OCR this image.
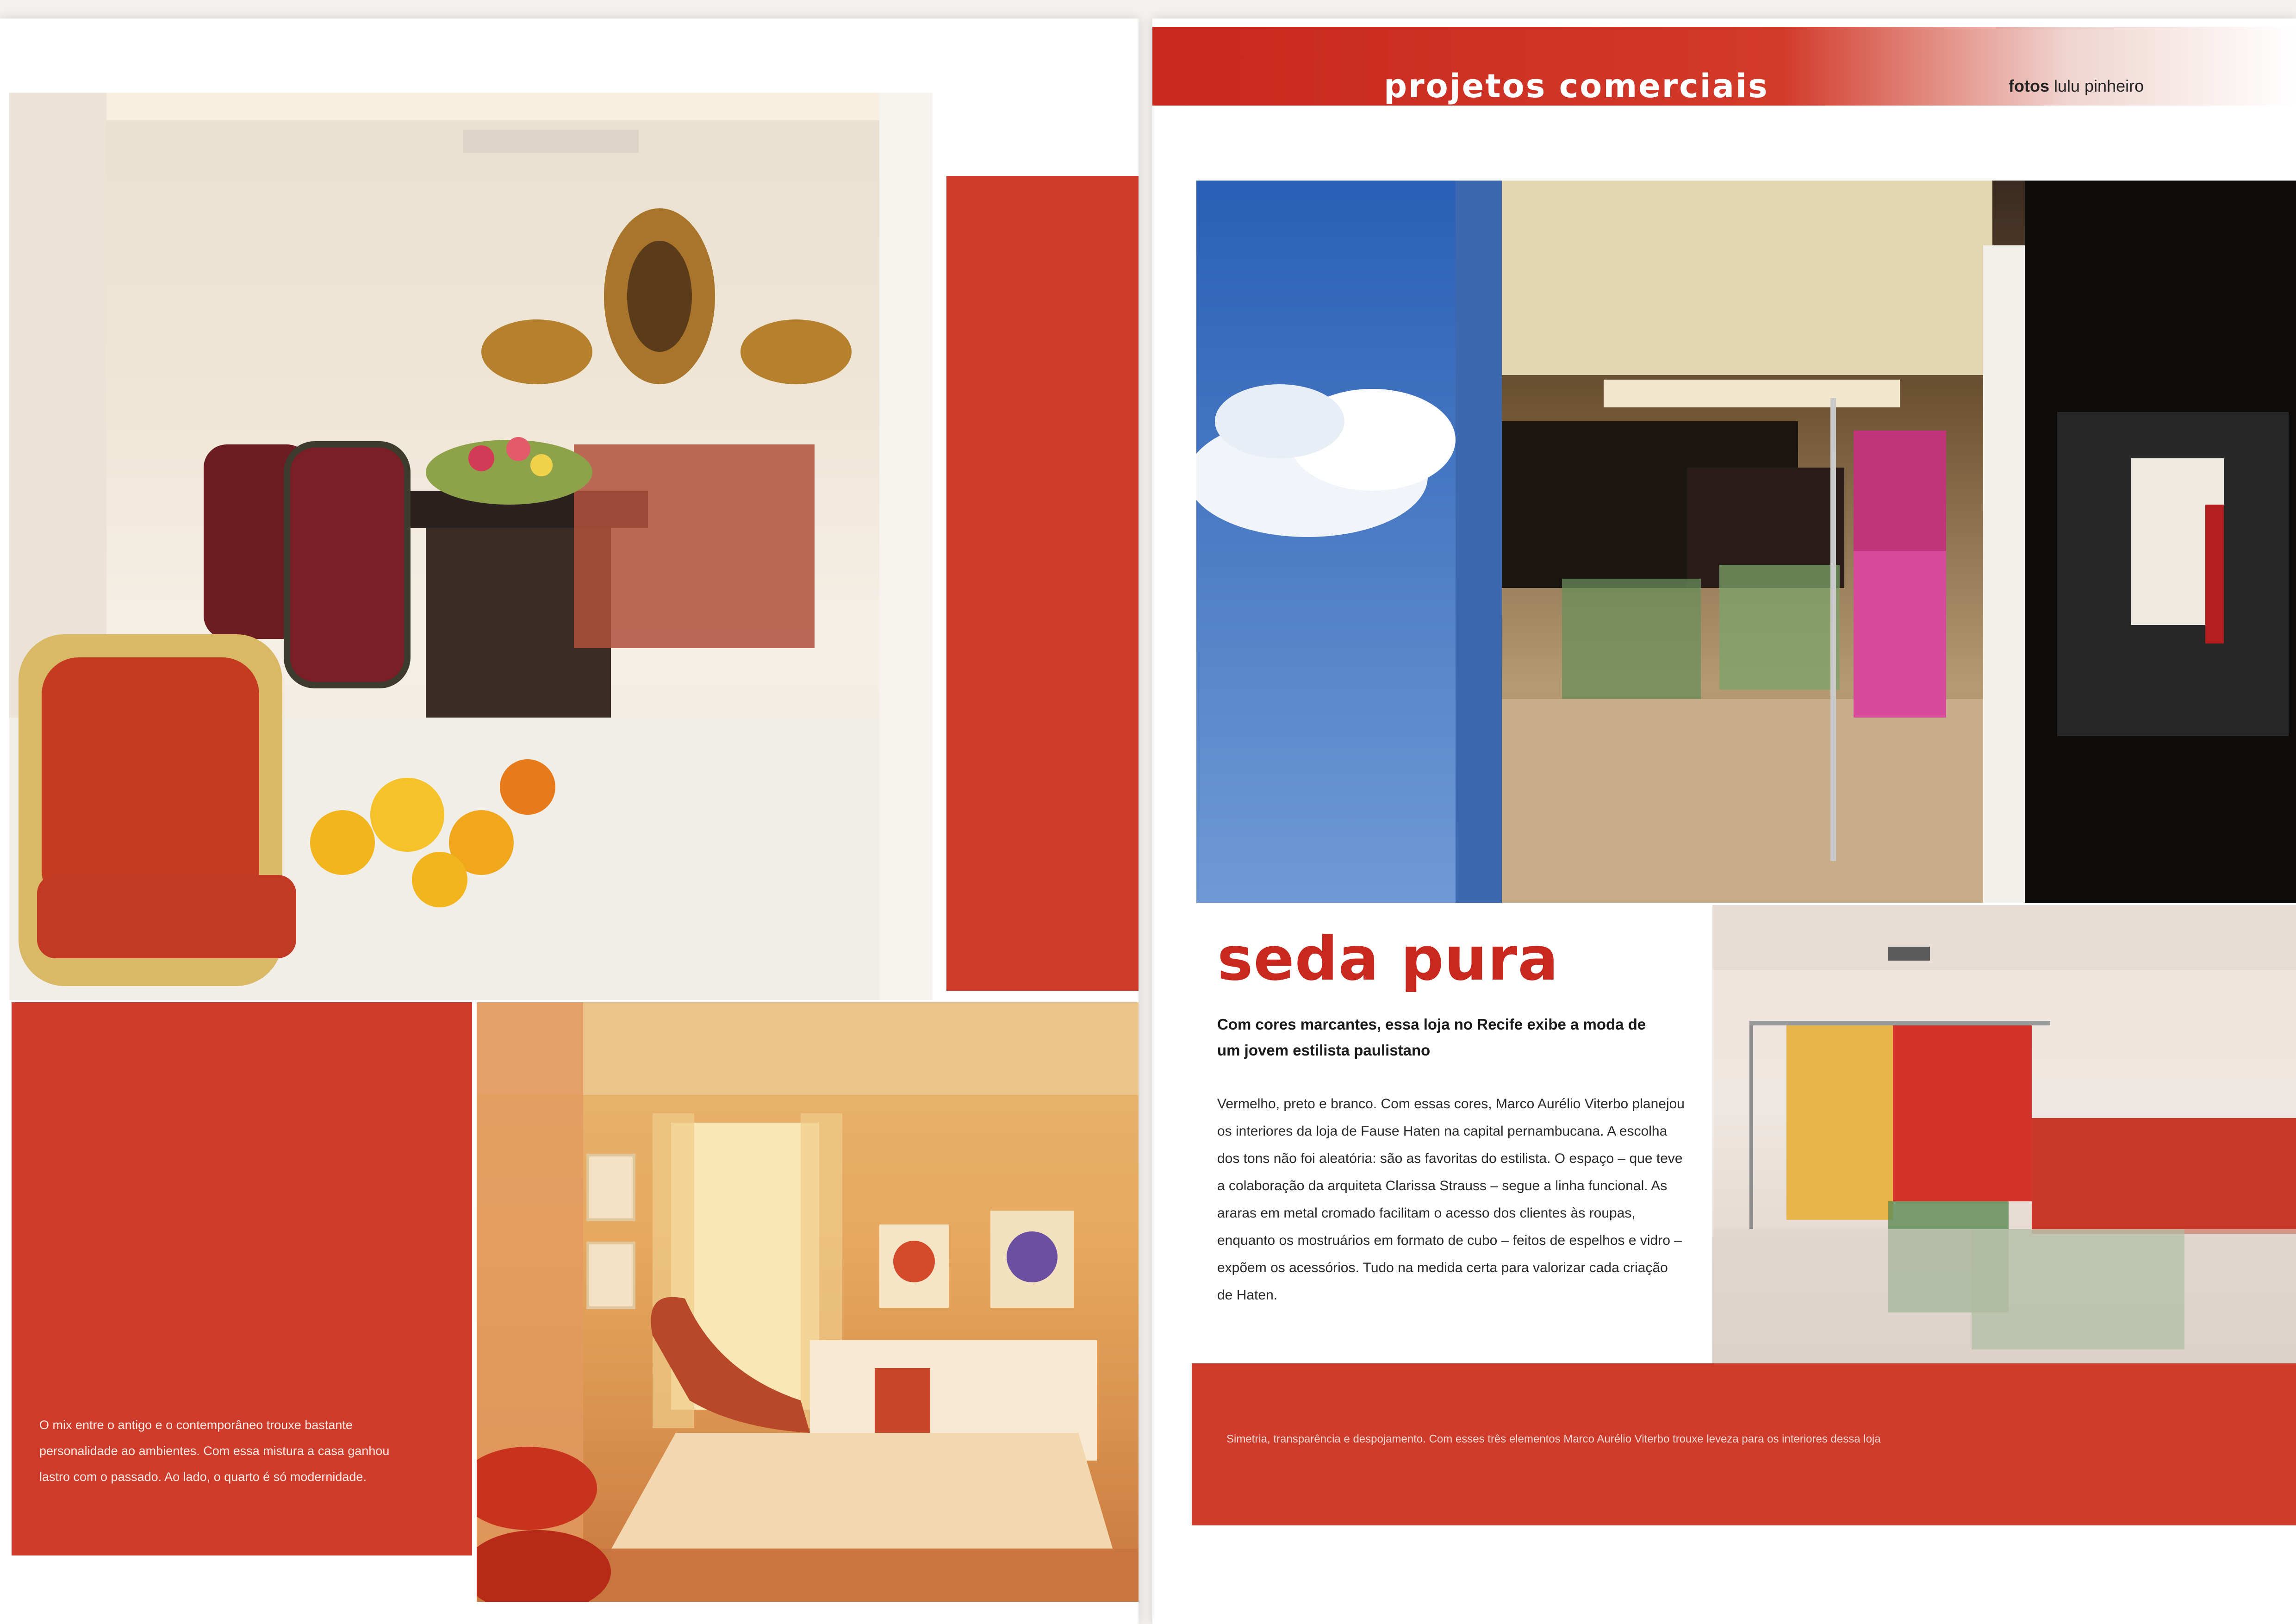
O mix entre o antigo e o contemporâneo trouxe bastante personalidade ao ambientes. Com essa mistura a casa ganhou lastro com o passado. Ao lado, o quarto é só modernidade.
projetos comerciais	fotos lulu pinheiro
seda pura
Com cores marcantes, essa loja no Recife exibe a moda de um jovem estilista paulistano
Vermelho, preto e branco. Com essas cores, Marco Aurélio Viterbo planejou os interiores da loja de Fause Haten na capital pernambucana. A escolha dos tons não foi aleatória: são as favoritas do estilista. O espaço – que teve a colaboração da arquiteta Clarissa Strauss – segue a linha funcional. As araras em metal cromado facilitam o acesso dos clientes às roupas, enquanto os mostruários em formato de cubo – feitos de espelhos e vidro – expõem os acessórios. Tudo na medida certa para valorizar cada criação de Haten.
Simetria, transparência e despojamento. Com esses três elementos Marco Aurélio Viterbo trouxe leveza para os interiores dessa loja
